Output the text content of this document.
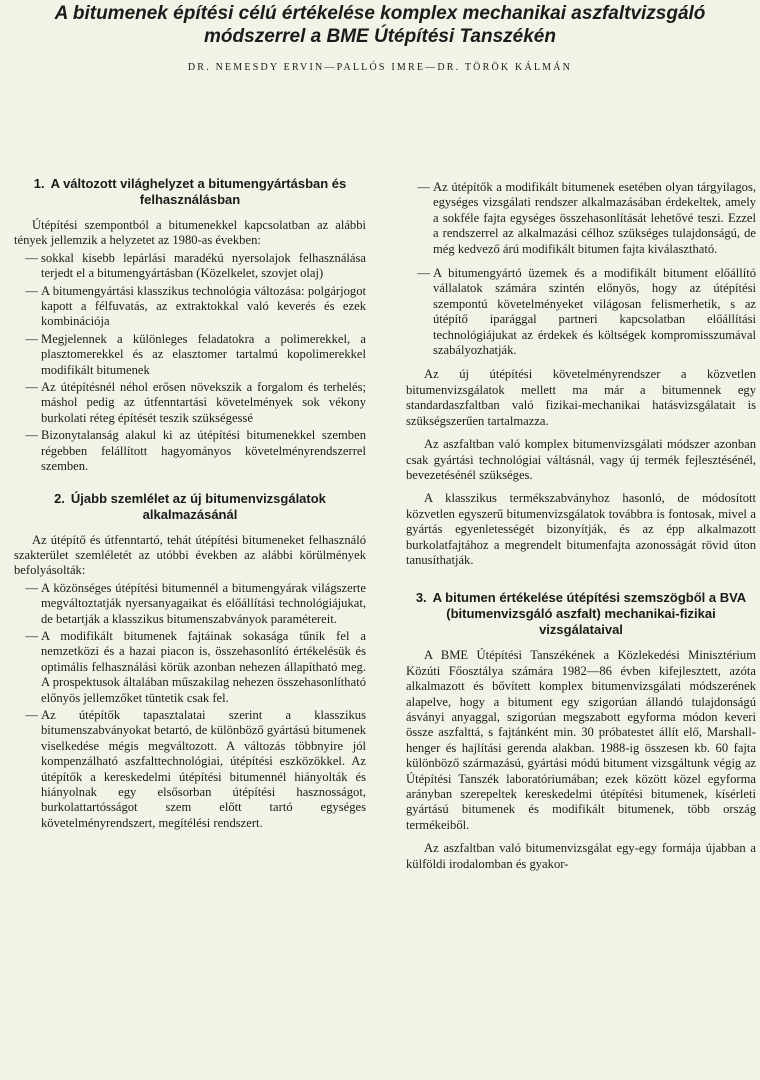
A bitumenek építési célú értékelése komplex mechanikai aszfaltvizsgáló
módszerrel a BME Útépítési Tanszékén
DR. NEMESDY ERVIN—PALLÓS IMRE—DR. TÖRÖK KÁLMÁN
1. A változott világhelyzet a bitumengyártásban és felhasználásban

Útépítési szempontból a bitumenekkel kapcsolatban az alábbi tények jellemzik a helyzetet az 1980-as években:

— sokkal kisebb lepárlási maradékú nyersolajok felhasználása terjedt el a bitumengyártásban (Közelkelet, szovjet olaj)

— A bitumengyártási klasszikus technológia változása: polgárjogot kapott a félfuvatás, az extraktokkal való keverés és ezek kombinációja

— Megjelennek a különleges feladatokra a polimerekkel, a plasztomerekkel és az elasztomer tartalmú kopolimerekkel modifikált bitumenek

— Az útépítésnél néhol erősen növekszik a forgalom és terhelés; máshol pedig az útfenntartási követelmények sok vékony burkolati réteg építését teszik szükségessé

— Bizonytalanság alakul ki az útépítési bitumenekkel szemben régebben felállított hagyományos követelményrendszerrel szemben.

2. Újabb szemlélet az új bitumenvizsgálatok alkalmazásánál

Az útépítő és útfenntartó, tehát útépítési bitumeneket felhasználó szakterület szemléletét az utóbbi években az alábbi körülmények befolyásolták:

— A közönséges útépítési bitumennél a bitumengyárak világszerte megváltoztatják nyersanyagaikat és előállítási technológiájukat, de betartják a klasszikus bitumenszabványok paramétereit.

— A modifikált bitumenek fajtáinak sokasága tűnik fel a nemzetközi és a hazai piacon is, összehasonlító értékelésük és optimális felhasználási körük azonban nehezen állapítható meg. A prospektusok általában műszakilag nehezen összehasonlítható előnyös jellemzőket tüntetik csak fel.

— Az útépítők tapasztalatai szerint a klasszikus bitumenszabványokat betartó, de különböző gyártású bitumenek viselkedése mégis megváltozott. A változás többnyire jól kompenzálható aszfalttechnológiai, útépítési eszközökkel. Az útépítők a kereskedelmi útépítési bitumennél hiányolták és hiányolnak egy elsősorban útépítési hasznosságot, burkolattartósságot szem előtt tartó egységes követelményrendszert, megítélési rendszert.

— Az útépítők a modifikált bitumenek esetében olyan tárgyilagos, egységes vizsgálati rendszer alkalmazásában érdekeltek, amely a sokféle fajta egységes összehasonlítását lehetővé teszi. Ezzel a rendszerrel az alkalmazási célhoz szükséges tulajdonságú, de még kedvező árú modifikált bitumen fajta kiválasztható.

— A bitumengyártó üzemek és a modifikált bitument előállító vállalatok számára szintén előnyös, hogy az útépítési szempontú követelményeket világosan felismerhetik, s az útépítő iparággal partneri kapcsolatban előállítási technológiájukat az érdekek és költségek kompromisszumával szabályozhatják.

Az új útépítési követelményrendszer a közvetlen bitumenvizsgálatok mellett ma már a bitumennek egy standardaszfaltban való fizikai-mechanikai hatásvizsgálatait is szükségszerűen tartalmazza.

Az aszfaltban való komplex bitumenvizsgálati módszer azonban csak gyártási technológiai váltásnál, vagy új termék fejlesztésénél, bevezetésénél szükséges.

A klasszikus termékszabványhoz hasonló, de módosított közvetlen egyszerű bitumenvizsgálatok továbbra is fontosak, mivel a gyártás egyenletességét bizonyítják, és az épp alkalmazott burkolatfajtához a megrendelt bitumenfajta azonosságát rövid úton tanusíthatják.

3. A bitumen értékelése útépítési szemszögből a BVA (bitumenvizsgáló aszfalt) mechanikai-fizikai vizsgálataival

A BME Útépítési Tanszékének a Közlekedési Minisztérium Közúti Főosztálya számára 1982—86 évben kifejlesztett, azóta alkalmazott és bővített komplex bitumenvizsgálati módszerének alapelve, hogy a bitument egy szigorúan állandó tulajdonságú ásványi anyaggal, szigorúan megszabott egyforma módon keveri össze aszfalttá, s fajtánként min. 30 próbatestet állít elő, Marshall-henger és hajlítási gerenda alakban. 1988-ig összesen kb. 60 fajta különböző származású, gyártási módú bitument vizsgáltunk végig az Útépítési Tanszék laboratóriumában; ezek között közel egyforma arányban szerepeltek kereskedelmi útépítési bitumenek, kísérleti gyártású bitumenek és modifikált bitumenek, több ország termékeiből.

Az aszfaltban való bitumenvizsgálat egy-egy formája újabban a külföldi irodalomban és gyakor-
